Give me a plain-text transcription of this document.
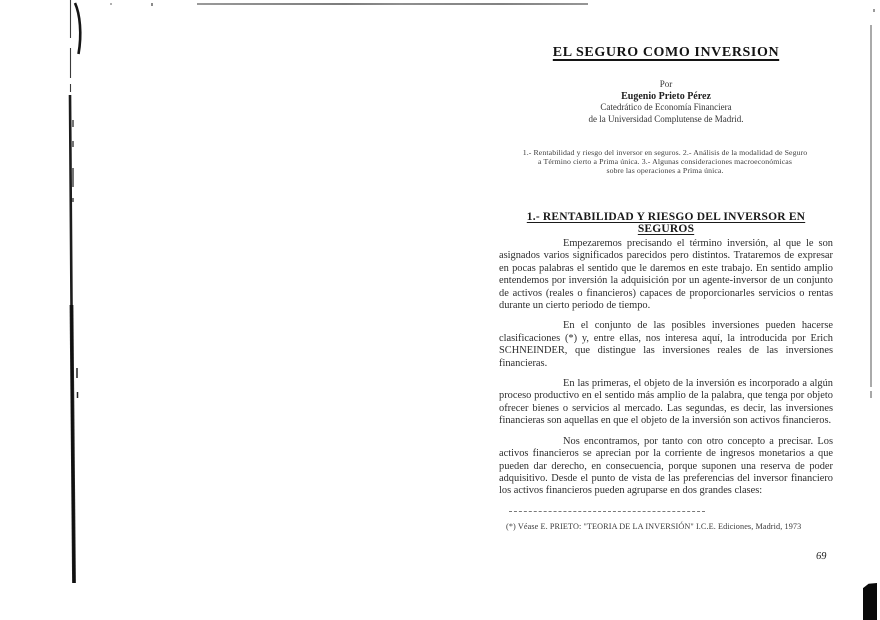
EL SEGURO COMO INVERSION
Por
Eugenio Prieto Pérez
Catedrático de Economía Financiera
de la Universidad Complutense de Madrid.
1.- Rentabilidad y riesgo del inversor en seguros. 2.- Análisis de la modalidad de Seguro
a Término cierto a Prima única. 3.- Algunas consideraciones macroeconómicas
sobre las operaciones a Prima única.
1.- RENTABILIDAD Y RIESGO DEL INVERSOR EN SEGUROS

Empezaremos precisando el término inversión, al que le son asignados varios significados parecidos pero distintos. Trataremos de expresar en pocas palabras el sentido que le daremos en este trabajo. En sentido amplio entendemos por inversión la adquisición por un agente-inversor de un conjunto de activos (reales o financieros) capaces de proporcionarles servicios o rentas durante un cierto periodo de tiempo.

En el conjunto de las posibles inversiones pueden hacerse clasificaciones (*) y, entre ellas, nos interesa aquí, la introducida por Erich SCHNEINDER, que distingue las inversiones reales de las inversiones financieras.

En las primeras, el objeto de la inversión es incorporado a algún proceso productivo en el sentido más amplio de la palabra, que tenga por objeto ofrecer bienes o servicios al mercado. Las segundas, es decir, las inversiones financieras son aquellas en que el objeto de la inversión son activos financieros.

Nos encontramos, por tanto con otro concepto a precisar. Los activos financieros se aprecian por la corriente de ingresos monetarios a que pueden dar derecho, en consecuencia, porque suponen una reserva de poder adquisitivo. Desde el punto de vista de las preferencias del inversor financiero los activos financieros pueden agruparse en dos grandes clases:

(*) Véase E. PRIETO: "TEORIA DE LA INVERSIÓN" I.C.E. Ediciones, Madrid, 1973
69
